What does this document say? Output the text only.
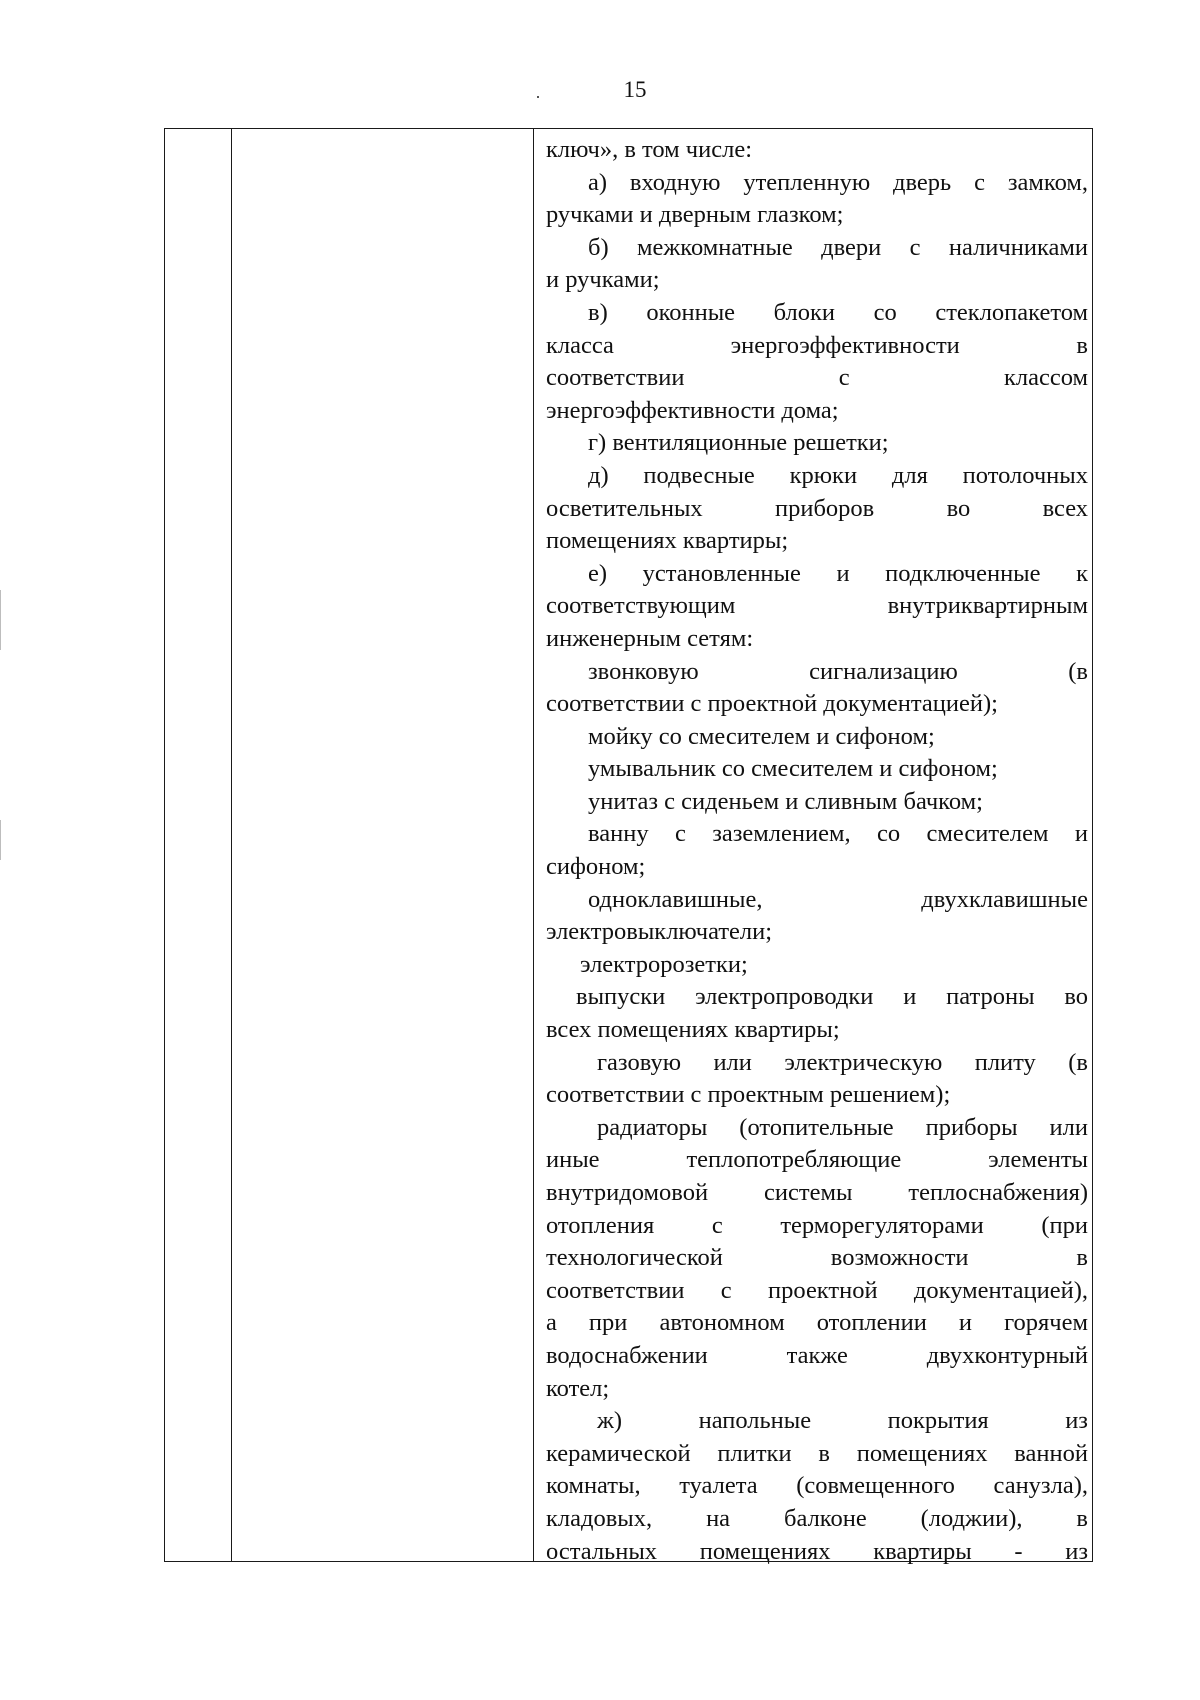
15
ключ», в том числе:
а) входную утепленную дверь с замком,
ручками и дверным глазком;
б) межкомнатные двери с наличниками
и ручками;
в) оконные блоки со стеклопакетом
класса энергоэффективности в
соответствии с классом
энергоэффективности дома;
г) вентиляционные решетки;
д) подвесные крюки для потолочных
осветительных приборов во всех
помещениях квартиры;
е) установленные и подключенные к
соответствующим внутриквартирным
инженерным сетям:
звонковую сигнализацию (в
соответствии с проектной документацией);
мойку со смесителем и сифоном;
умывальник со смесителем и сифоном;
унитаз с сиденьем и сливным бачком;
ванну с заземлением, со смесителем и
сифоном;
одноклавишные, двухклавишные
электровыключатели;
электророзетки;
выпуски электропроводки и патроны во
всех помещениях квартиры;
газовую или электрическую плиту (в
соответствии с проектным решением);
радиаторы (отопительные приборы или
иные теплопотребляющие элементы
внутридомовой системы теплоснабжения)
отопления с терморегуляторами (при
технологической возможности в
соответствии с проектной документацией),
а при автономном отоплении и горячем
водоснабжении также двухконтурный
котел;
ж) напольные покрытия из
керамической плитки в помещениях ванной
комнаты, туалета (совмещенного санузла),
кладовых, на балконе (лоджии), в
остальных помещениях квартиры - из
